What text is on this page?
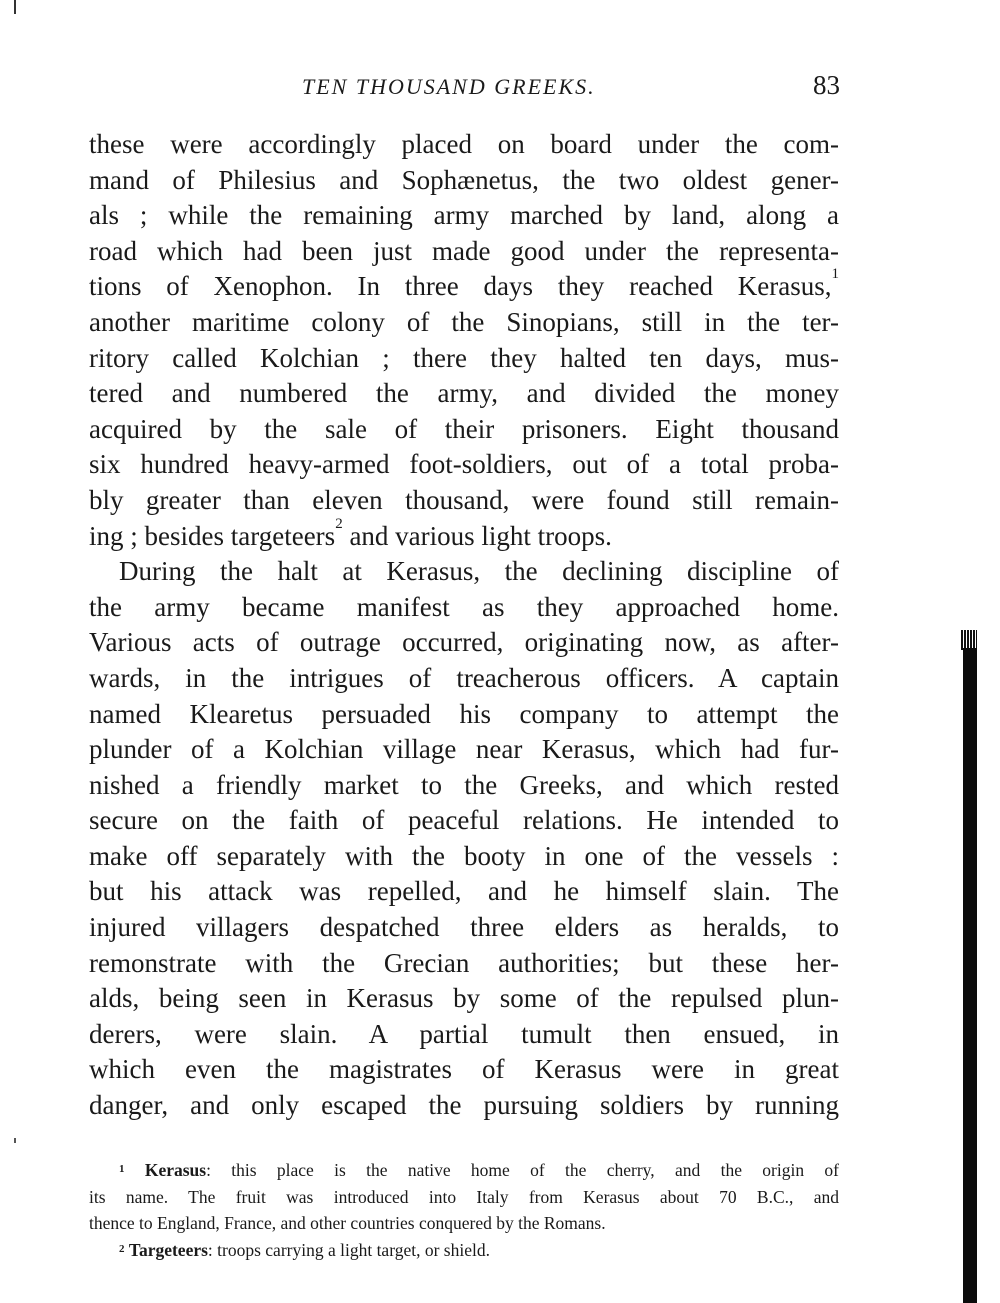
TEN THOUSAND GREEKS.	83
these were accordingly placed on board under the com-
mand of Philesius and Sophænetus, the two oldest gener-
als ; while the remaining army marched by land, along a
road which had been just made good under the representa-
tions of Xenophon. In three days they reached Kerasus,$^1$
another maritime colony of the Sinopians, still in the ter-
ritory called Kolchian ; there they halted ten days, mus-
tered and numbered the army, and divided the money
acquired by the sale of their prisoners. Eight thousand
six hundred heavy-armed foot-soldiers, out of a total proba-
bly greater than eleven thousand, were found still remain-
ing ; besides targeteers$^2$ and various light troops.
During the halt at Kerasus, the declining discipline of
the army became manifest as they approached home.
Various acts of outrage occurred, originating now, as after-
wards, in the intrigues of treacherous officers. A captain
named Klearetus persuaded his company to attempt the
plunder of a Kolchian village near Kerasus, which had fur-
nished a friendly market to the Greeks, and which rested
secure on the faith of peaceful relations. He intended to
make off separately with the booty in one of the vessels :
but his attack was repelled, and he himself slain. The
injured villagers despatched three elders as heralds, to
remonstrate with the Grecian authorities; but these her-
alds, being seen in Kerasus by some of the repulsed plun-
derers, were slain. A partial tumult then ensued, in
which even the magistrates of Kerasus were in great
danger, and only escaped the pursuing soldiers by running
$^1$ Kerasus: this place is the native home of the cherry, and the origin of
its name. The fruit was introduced into Italy from Kerasus about 70 B.C., and
thence to England, France, and other countries conquered by the Romans.
$^2$ Targeteers: troops carrying a light target, or shield.
